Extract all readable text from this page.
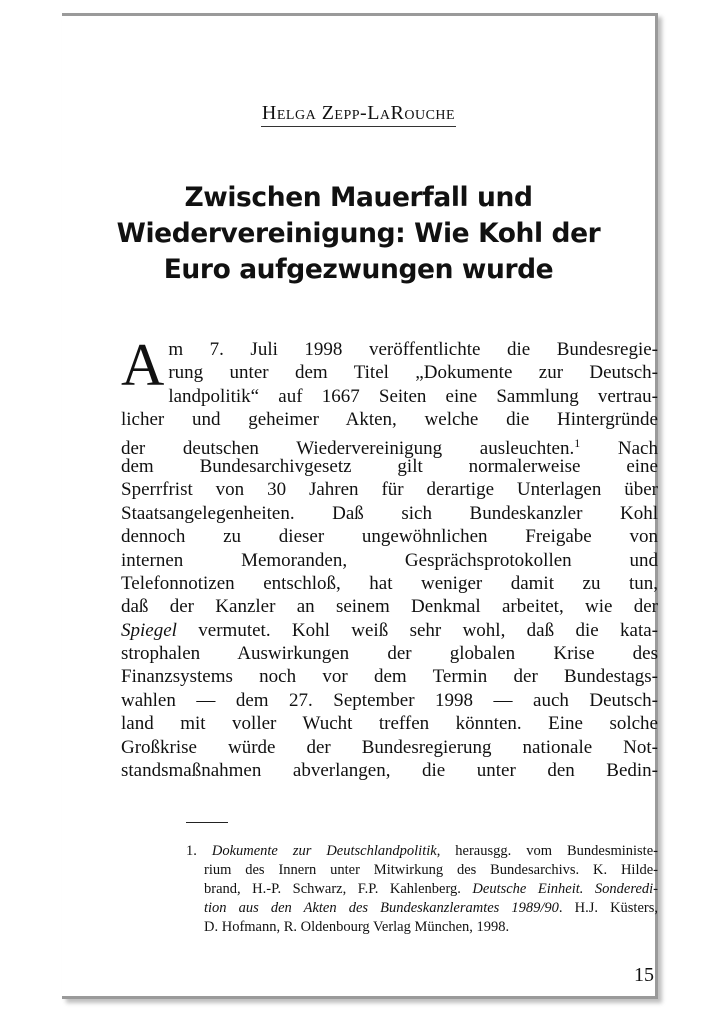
Helga Zepp-LaRouche
Zwischen Mauerfall und
Wiedervereinigung: Wie Kohl der
Euro aufgezwungen wurde
A m 7. Juli 1998 veröffentlichte die Bundesregie-
rung unter dem Titel „Dokumente zur Deutsch-
landpolitik“ auf 1667 Seiten eine Sammlung vertrau-
licher und geheimer Akten, welche die Hintergründe
der deutschen Wiedervereinigung ausleuchten.$^1$ Nach
dem Bundesarchivgesetz gilt normalerweise eine
Sperrfrist von 30 Jahren für derartige Unterlagen über
Staatsangelegenheiten. Daß sich Bundeskanzler Kohl
dennoch zu dieser ungewöhnlichen Freigabe von
internen Memoranden, Gesprächsprotokollen und
Telefonnotizen entschloß, hat weniger damit zu tun,
daß der Kanzler an seinem Denkmal arbeitet, wie der
Spiegel vermutet. Kohl weiß sehr wohl, daß die kata-
strophalen Auswirkungen der globalen Krise des
Finanzsystems noch vor dem Termin der Bundestags-
wahlen — dem 27. September 1998 — auch Deutsch-
land mit voller Wucht treffen könnten. Eine solche
Großkrise würde der Bundesregierung nationale Not-
standsmaßnahmen abverlangen, die unter den Bedin-
1. Dokumente zur Deutschlandpolitik, herausgg. vom Bundesministe-
rium des Innern unter Mitwirkung des Bundesarchivs. K. Hilde-
brand, H.-P. Schwarz, F.P. Kahlenberg. Deutsche Einheit. Sonderedi-
tion aus den Akten des Bundeskanzleramtes 1989/90. H.J. Küsters,
D. Hofmann, R. Oldenbourg Verlag München, 1998.
15
